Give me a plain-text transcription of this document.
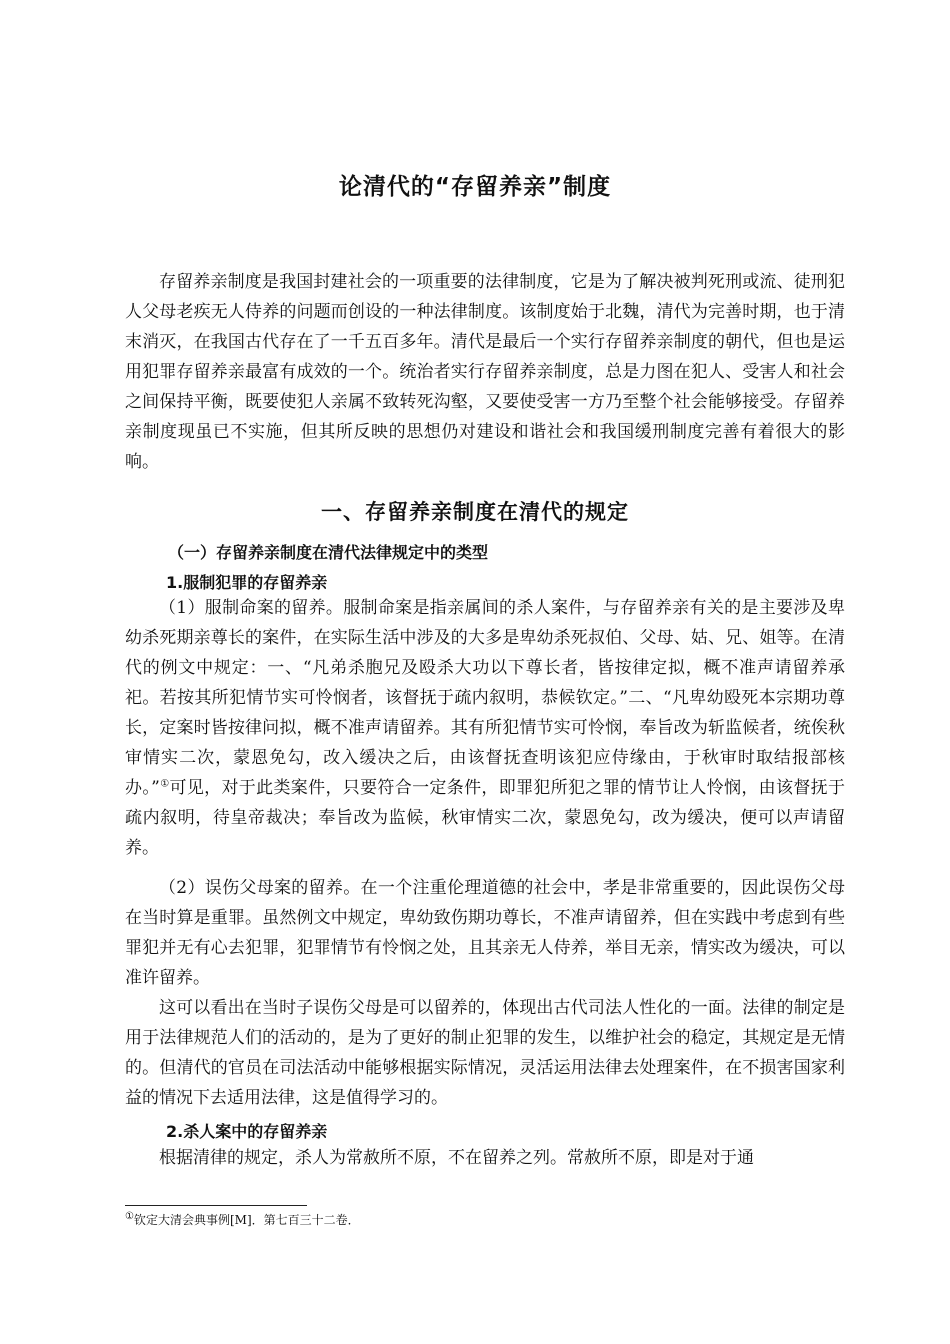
论清代的“存留养亲”制度

存留养亲制度是我国封建社会的一项重要的法律制度，它是为了解决被判死刑或流、徒刑犯人父母老疾无人侍养的问题而创设的一种法律制度。该制度始于北魏，清代为完善时期，也于清末消灭，在我国古代存在了一千五百多年。清代是最后一个实行存留养亲制度的朝代，但也是运用犯罪存留养亲最富有成效的一个。统治者实行存留养亲制度，总是力图在犯人、受害人和社会之间保持平衡，既要使犯人亲属不致转死沟壑，又要使受害一方乃至整个社会能够接受。存留养亲制度现虽已不实施，但其所反映的思想仍对建设和谐社会和我国缓刑制度完善有着很大的影响。

一、存留养亲制度在清代的规定
（一）存留养亲制度在清代法律规定中的类型
1.服制犯罪的存留养亲

（1）服制命案的留养。服制命案是指亲属间的杀人案件，与存留养亲有关的是主要涉及卑幼杀死期亲尊长的案件，在实际生活中涉及的大多是卑幼杀死叔伯、父母、姑、兄、姐等。在清代的例文中规定：一、“凡弟杀胞兄及殴杀大功以下尊长者，皆按律定拟，概不准声请留养承祀。若按其所犯情节实可怜悯者，该督抚于疏内叙明，恭候钦定。”二、“凡卑幼殴死本宗期功尊长，定案时皆按律问拟，概不准声请留养。其有所犯情节实可怜悯，奉旨改为斩监候者，统俟秋审情实二次，蒙恩免勾，改入缓决之后，由该督抚查明该犯应侍缘由，于秋审时取结报部核办。”①可见，对于此类案件，只要符合一定条件，即罪犯所犯之罪的情节让人怜悯，由该督抚于疏内叙明，待皇帝裁决；奉旨改为监候，秋审情实二次，蒙恩免勾，改为缓决，便可以声请留养。

（2）误伤父母案的留养。在一个注重伦理道德的社会中，孝是非常重要的，因此误伤父母在当时算是重罪。虽然例文中规定，卑幼致伤期功尊长，不准声请留养，但在实践中考虑到有些罪犯并无有心去犯罪，犯罪情节有怜悯之处，且其亲无人侍养，举目无亲，情实改为缓决，可以准许留养。

这可以看出在当时子误伤父母是可以留养的，体现出古代司法人性化的一面。法律的制定是用于法律规范人们的活动的，是为了更好的制止犯罪的发生，以维护社会的稳定，其规定是无情的。但清代的官员在司法活动中能够根据实际情况，灵活运用法律去处理案件，在不损害国家利益的情况下去适用法律，这是值得学习的。

2.杀人案中的存留养亲

根据清律的规定，杀人为常赦所不原，不在留养之列。常赦所不原，即是对于通

①钦定大清会典事例[M]．第七百三十二卷．
